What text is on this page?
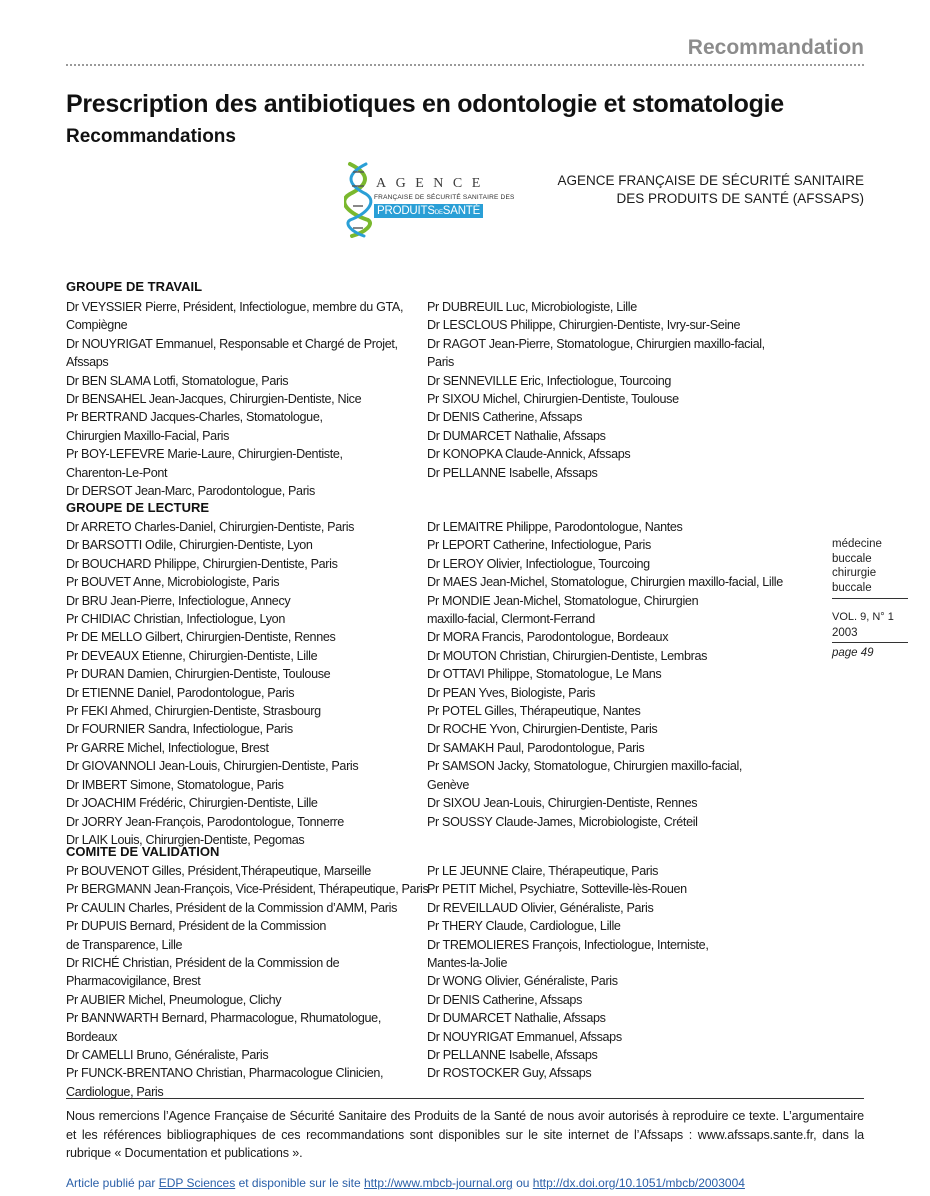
Recommandation
Prescription des antibiotiques en odontologie et stomatologie
Recommandations
AGENCE
FRANÇAISE DE SÉCURITÉ SANITAIRE DES
PRODUITSDESANTÉ
AGENCE FRANÇAISE DE SÉCURITÉ SANITAIRE
DES PRODUITS DE SANTÉ (AFSSAPS)
GROUPE DE TRAVAIL
Dr VEYSSIER Pierre, Président, Infectiologue, membre du GTA,
Compiègne
Dr NOUYRIGAT Emmanuel, Responsable et Chargé de Projet,
Afssaps
Dr BEN SLAMA Lotfi, Stomatologue, Paris
Dr BENSAHEL Jean-Jacques, Chirurgien-Dentiste, Nice
Pr BERTRAND Jacques-Charles, Stomatologue,
Chirurgien Maxillo-Facial, Paris
Pr BOY-LEFEVRE Marie-Laure, Chirurgien-Dentiste,
Charenton-Le-Pont
Dr DERSOT Jean-Marc, Parodontologue, Paris
Pr DUBREUIL Luc, Microbiologiste, Lille
Dr LESCLOUS Philippe, Chirurgien-Dentiste, Ivry-sur-Seine
Dr RAGOT Jean-Pierre, Stomatologue, Chirurgien maxillo-facial,
Paris
Dr SENNEVILLE Eric, Infectiologue, Tourcoing
Pr SIXOU Michel, Chirurgien-Dentiste, Toulouse
Dr DENIS Catherine, Afssaps
Dr DUMARCET Nathalie, Afssaps
Dr KONOPKA Claude-Annick, Afssaps
Dr PELLANNE Isabelle, Afssaps
GROUPE DE LECTURE
Dr ARRETO Charles-Daniel, Chirurgien-Dentiste, Paris
Dr BARSOTTI Odile, Chirurgien-Dentiste, Lyon
Dr BOUCHARD Philippe, Chirurgien-Dentiste, Paris
Pr BOUVET Anne, Microbiologiste, Paris
Dr BRU Jean-Pierre, Infectiologue, Annecy
Pr CHIDIAC Christian, Infectiologue, Lyon
Pr DE MELLO Gilbert, Chirurgien-Dentiste, Rennes
Pr DEVEAUX Etienne, Chirurgien-Dentiste, Lille
Pr DURAN Damien, Chirurgien-Dentiste, Toulouse
Dr ETIENNE Daniel, Parodontologue, Paris
Pr FEKI Ahmed, Chirurgien-Dentiste, Strasbourg
Dr FOURNIER Sandra, Infectiologue, Paris
Pr GARRE Michel, Infectiologue, Brest
Dr GIOVANNOLI Jean-Louis, Chirurgien-Dentiste, Paris
Dr IMBERT Simone, Stomatologue, Paris
Dr JOACHIM Frédéric, Chirurgien-Dentiste, Lille
Dr JORRY Jean-François, Parodontologue, Tonnerre
Dr LAIK Louis, Chirurgien-Dentiste, Pegomas
Dr LEMAITRE Philippe, Parodontologue, Nantes
Pr LEPORT Catherine, Infectiologue, Paris
Dr LEROY Olivier, Infectiologue, Tourcoing
Dr MAES Jean-Michel, Stomatologue, Chirurgien maxillo-facial, Lille
Pr MONDIE Jean-Michel, Stomatologue, Chirurgien
maxillo-facial, Clermont-Ferrand
Dr MORA Francis, Parodontologue, Bordeaux
Dr MOUTON Christian, Chirurgien-Dentiste, Lembras
Dr OTTAVI Philippe, Stomatologue, Le Mans
Dr PEAN Yves, Biologiste, Paris
Pr POTEL Gilles, Thérapeutique, Nantes
Dr ROCHE Yvon, Chirurgien-Dentiste, Paris
Dr SAMAKH Paul, Parodontologue, Paris
Pr SAMSON Jacky, Stomatologue, Chirurgien maxillo-facial,
Genève
Dr SIXOU Jean-Louis, Chirurgien-Dentiste, Rennes
Pr SOUSSY Claude-James, Microbiologiste, Créteil
COMITE DE VALIDATION
Pr BOUVENOT Gilles, Président,Thérapeutique, Marseille
Pr BERGMANN Jean-François, Vice-Président, Thérapeutique, Paris
Pr CAULIN Charles, Président de la Commission d’AMM, Paris
Pr DUPUIS Bernard, Président de la Commission
de Transparence, Lille
Dr RICHÉ Christian, Président de la Commission de
Pharmacovigilance, Brest
Pr AUBIER Michel, Pneumologue, Clichy
Pr BANNWARTH Bernard, Pharmacologue, Rhumatologue,
Bordeaux
Dr CAMELLI Bruno, Généraliste, Paris
Pr FUNCK-BRENTANO Christian, Pharmacologue Clinicien,
Cardiologue, Paris
Pr LE JEUNNE Claire, Thérapeutique, Paris
Pr PETIT Michel, Psychiatre, Sotteville-lès-Rouen
Dr REVEILLAUD Olivier, Généraliste, Paris
Pr THERY Claude, Cardiologue, Lille
Dr TREMOLIERES François, Infectiologue, Interniste,
Mantes-la-Jolie
Dr WONG Olivier, Généraliste, Paris
Dr DENIS Catherine, Afssaps
Dr DUMARCET Nathalie, Afssaps
Dr NOUYRIGAT Emmanuel, Afssaps
Dr PELLANNE Isabelle, Afssaps
Dr ROSTOCKER Guy, Afssaps
médecine
buccale
chirurgie
buccale
VOL. 9, N° 1
2003
page 49

Nous remercions l’Agence Française de Sécurité Sanitaire des Produits de la Santé de nous avoir autorisés à reproduire ce texte. L’argumentaire et les références bibliographiques de ces recommandations sont disponibles sur le site internet de l’Afssaps : www.afssaps.sante.fr, dans la rubrique « Documentation et publications ».

Article publié par EDP Sciences et disponible sur le site http://www.mbcb-journal.org ou http://dx.doi.org/10.1051/mbcb/2003004
